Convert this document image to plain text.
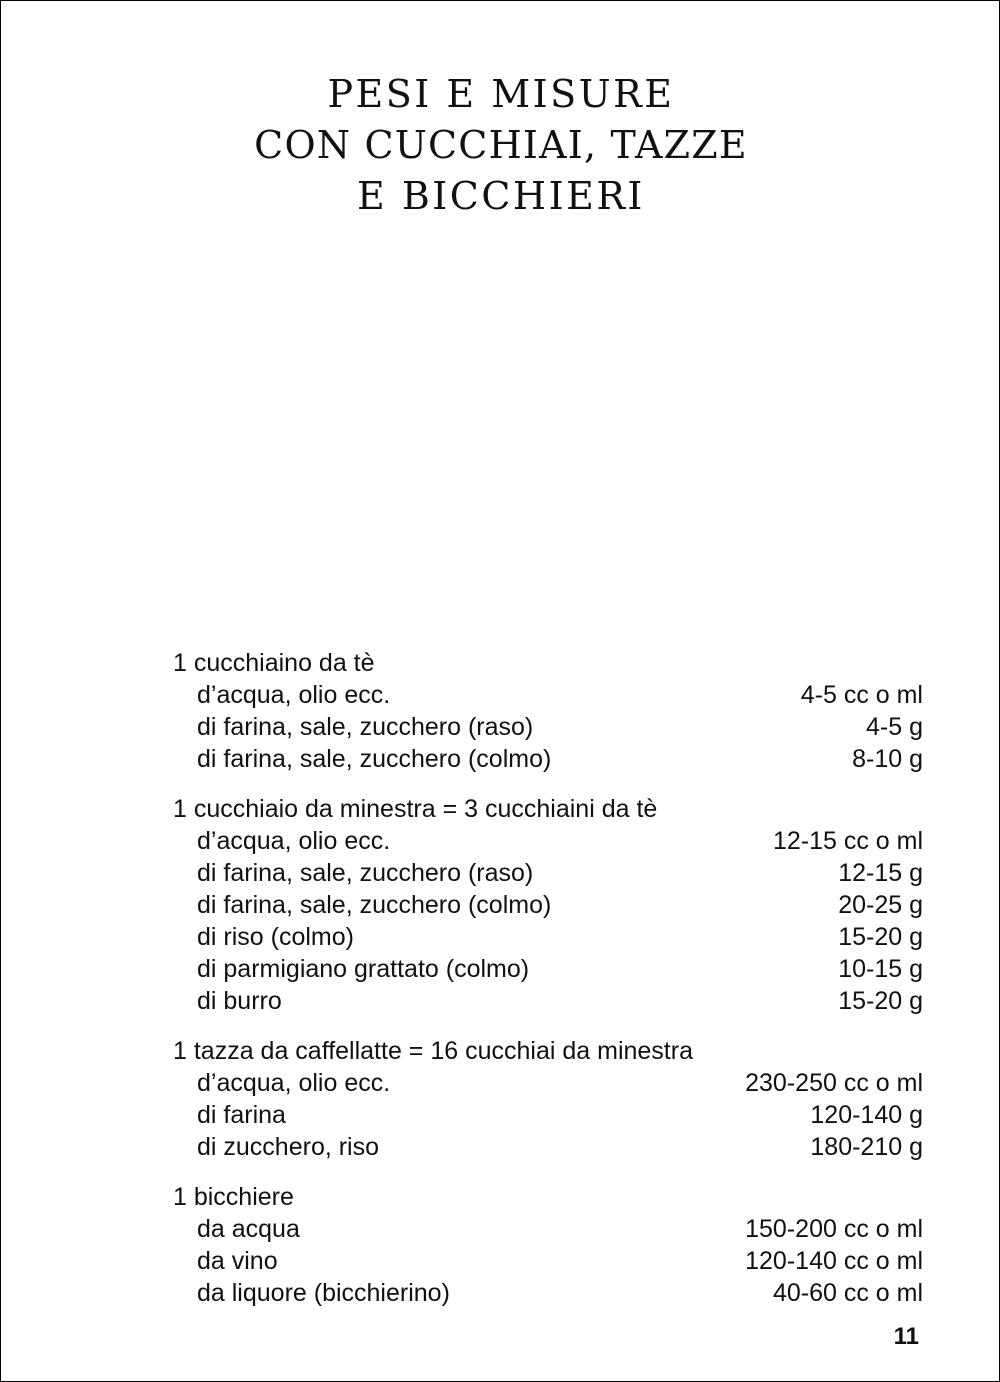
PESI E MISURE
CON CUCCHIAI, TAZZE
E BICCHIERI
1 cucchiaino da tè
d’acqua, olio ecc.	4-5 cc o ml
di farina, sale, zucchero (raso)	4-5 g
di farina, sale, zucchero (colmo)	8-10 g
1 cucchiaio da minestra = 3 cucchiaini da tè
d’acqua, olio ecc.	12-15 cc o ml
di farina, sale, zucchero (raso)	12-15 g
di farina, sale, zucchero (colmo)	20-25 g
di riso (colmo)	15-20 g
di parmigiano grattato (colmo)	10-15 g
di burro	15-20 g
1 tazza da caffellatte = 16 cucchiai da minestra
d’acqua, olio ecc.	230-250 cc o ml
di farina	120-140 g
di zucchero, riso	180-210 g
1 bicchiere
da acqua	150-200 cc o ml
da vino	120-140 cc o ml
da liquore (bicchierino)	40-60 cc o ml
11
